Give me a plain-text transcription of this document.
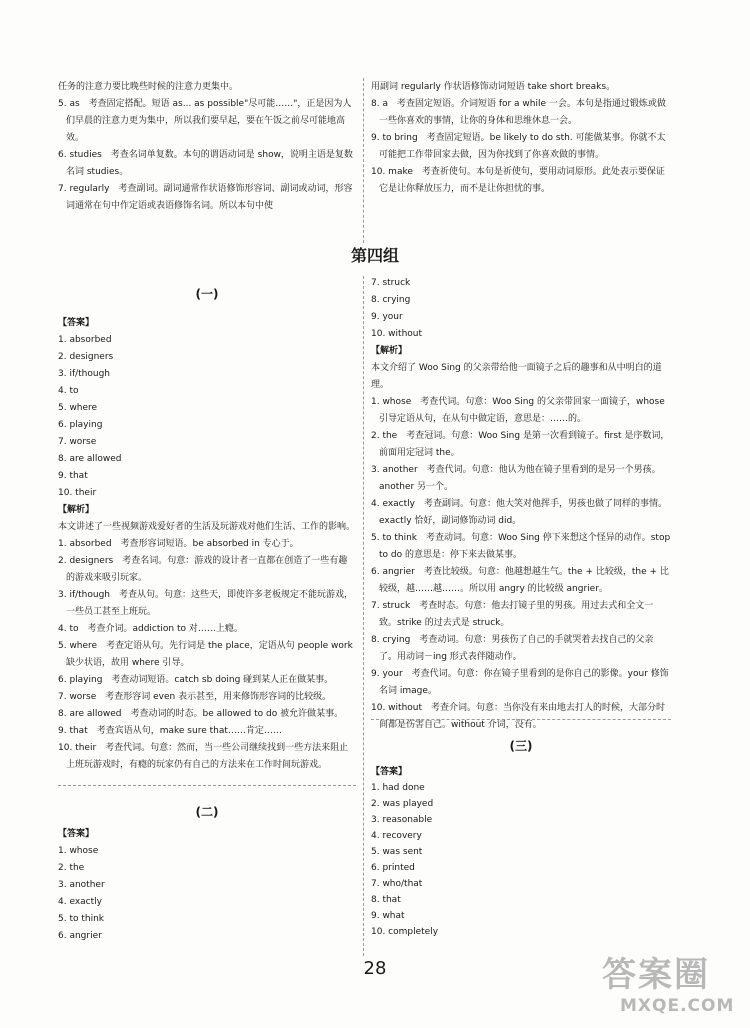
任务的注意力要比晚些时候的注意力更集中。

5. as　考查固定搭配。短语 as... as possible"尽可能……"，正是因为人们早晨的注意力更为集中，所以我们要早起，要在午饭之前尽可能地高效。

6. studies　考查名词单复数。本句的谓语动词是 show，说明主语是复数名词 studies。

7. regularly　考查副词。副词通常作状语修饰形容词、副词或动词，形容词通常在句中作定语或表语修饰名词。所以本句中使

用副词 regularly 作状语修饰动词短语 take short breaks。

8. a　考查固定短语。介词短语 for a while 一会。本句是指通过锻炼或做一些你喜欢的事情，让你的身体和思维休息一会。

9. to bring　考查固定短语。be likely to do sth. 可能做某事。你就不太可能把工作带回家去做，因为你找到了你喜欢做的事情。

10. make　考查祈使句。本句是祈使句，要用动词原形。此处表示要保证它是让你释放压力，而不是让你担忧的事。

第四组
(一)

【答案】

1. absorbed

2. designers

3. if/though

4. to

5. where

6. playing

7. worse

8. are allowed

9. that

10. their

【解析】

本文讲述了一些视频游戏爱好者的生活及玩游戏对他们生活、工作的影响。

1. absorbed　考查形容词短语。be absorbed in 专心于。

2. designers　考查名词。句意：游戏的设计者一直都在创造了一些有趣的游戏来吸引玩家。

3. if/though　考查从句。句意：这些天，即使许多老板规定不能玩游戏，一些员工甚至上班玩。

4. to　考查介词。addiction to 对……上瘾。

5. where　考查定语从句。先行词是 the place，定语从句 people work 缺少状语，故用 where 引导。

6. playing　考查动词短语。catch sb doing 碰到某人正在做某事。

7. worse　考查形容词 even 表示甚至，用来修饰形容词的比较级。

8. are allowed　考查动词的时态。be allowed to do 被允许做某事。

9. that　考查宾语从句，make sure that……肯定……

10. their　考查代词。句意：然而，当一些公司继续找到一些方法来阻止上班玩游戏时，有瘾的玩家仍有自己的方法来在工作时间玩游戏。

(二)

【答案】

1. whose

2. the

3. another

4. exactly

5. to think

6. angrier

7. struck

8. crying

9. your

10. without

【解析】

本文介绍了 Woo Sing 的父亲带给他一面镜子之后的趣事和从中明白的道理。

1. whose　考查代词。句意：Woo Sing 的父亲带回家一面镜子，whose 引导定语从句，在从句中做定语，意思是：……的。

2. the　考查冠词。句意：Woo Sing 是第一次看到镜子。first 是序数词，前面用定冠词 the。

3. another　考查代词。句意：他认为他在镜子里看到的是另一个男孩。another 另一个。

4. exactly　考查副词。句意：他大笑对他挥手，男孩也做了同样的事情。exactly 恰好，副词修饰动词 did。

5. to think　考查动词。句意：Woo Sing 停下来想这个怪异的动作。stop to do 的意思是：停下来去做某事。

6. angrier　考查比较级。句意：他越想越生气。the + 比较级，the + 比较级，越……越……。所以用 angry 的比较级 angrier。

7. struck　考查时态。句意：他去打镜子里的男孩。用过去式和全文一致。strike 的过去式是 struck。

8. crying　考查动词。句意：男孩伤了自己的手就哭着去找自己的父亲了。用动词－ing 形式表伴随动作。

9. your　考查代词。句意：你在镜子里看到的是你自己的影像。your 修饰名词 image。

10. without　考查介词。句意：当你没有来由地去打人的时候，大部分时间都是伤害自己。without 介词，没有。

(三)

【答案】

1. had done

2. was played

3. reasonable

4. recovery

5. was sent

6. printed

7. who/that

8. that

9. what

10. completely

28	答案圈
MXQE.COM
